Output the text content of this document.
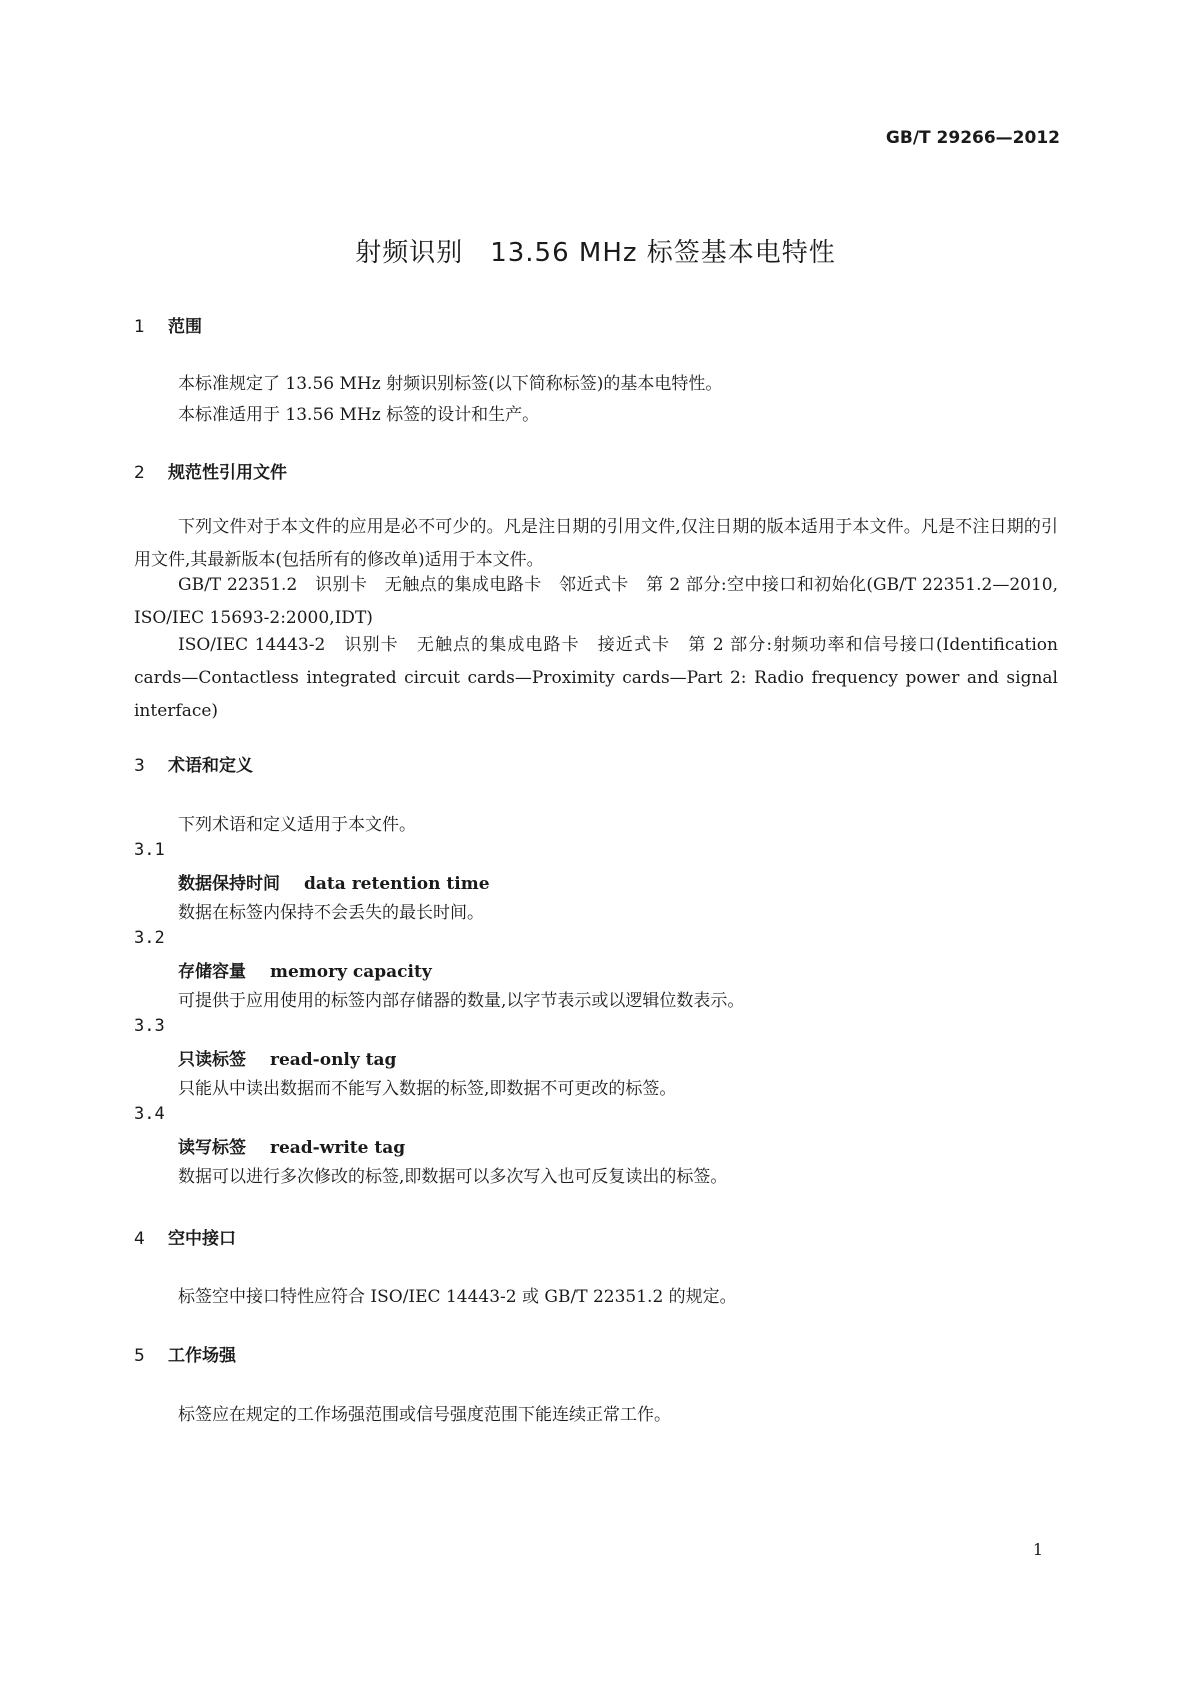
GB/T 29266—2012
射频识别　13.56 MHz 标签基本电特性
1 范围
本标准规定了 13.56 MHz 射频识别标签(以下简称标签)的基本电特性。
本标准适用于 13.56 MHz 标签的设计和生产。
2 规范性引用文件
下列文件对于本文件的应用是必不可少的。凡是注日期的引用文件,仅注日期的版本适用于本文件。凡是不注日期的引用文件,其最新版本(包括所有的修改单)适用于本文件。
GB/T 22351.2　识别卡　无触点的集成电路卡　邻近式卡　第 2 部分:空中接口和初始化(GB/T 22351.2—2010, ISO/IEC 15693-2:2000,IDT)
ISO/IEC 14443-2　识别卡　无触点的集成电路卡　接近式卡　第 2 部分:射频功率和信号接口(Identification cards—Contactless integrated circuit cards—Proximity cards—Part 2: Radio frequency power and signal interface)
3 术语和定义
下列术语和定义适用于本文件。
3.1
数据保持时间 data retention time
数据在标签内保持不会丢失的最长时间。
3.2
存储容量 memory capacity
可提供于应用使用的标签内部存储器的数量,以字节表示或以逻辑位数表示。
3.3
只读标签 read-only tag
只能从中读出数据而不能写入数据的标签,即数据不可更改的标签。
3.4
读写标签 read-write tag
数据可以进行多次修改的标签,即数据可以多次写入也可反复读出的标签。
4 空中接口
标签空中接口特性应符合 ISO/IEC 14443-2 或 GB/T 22351.2 的规定。
5 工作场强
标签应在规定的工作场强范围或信号强度范围下能连续正常工作。
1
